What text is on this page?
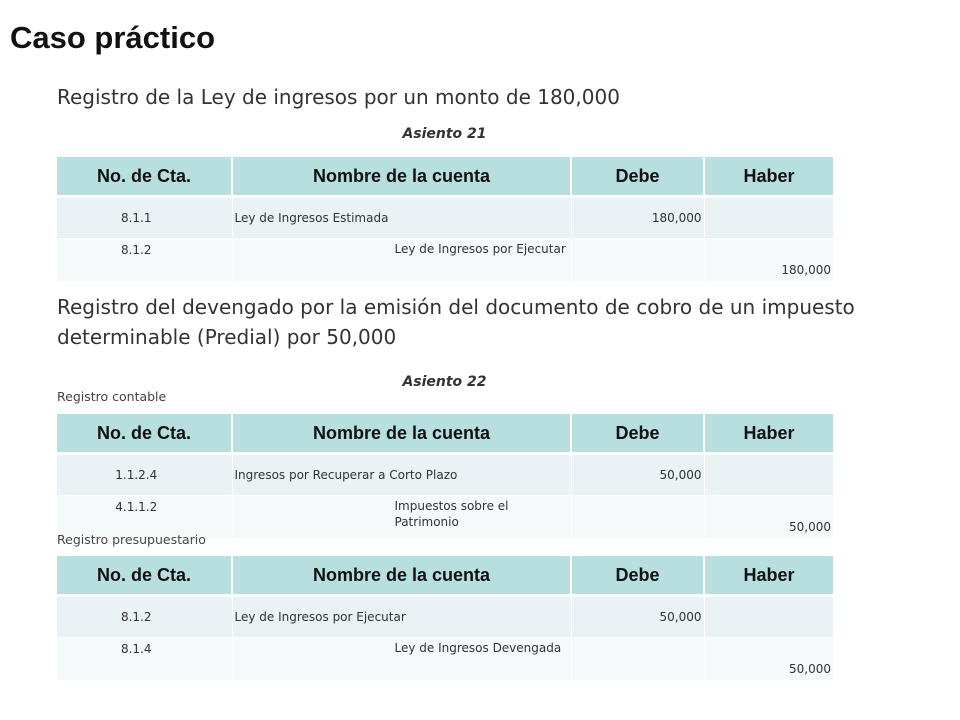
Caso práctico
Registro de la Ley de ingresos por un monto de 180,000
Asiento 21
No. de Cta.	Nombre de la cuenta	Debe	Haber
8.1.1	Ley de Ingresos Estimada	180,000	
8.1.2	Ley de Ingresos por Ejecutar		180,000
Registro del devengado por la emisión del documento de cobro de un impuesto determinable (Predial) por 50,000
Asiento 22
Registro contable
No. de Cta.	Nombre de la cuenta	Debe	Haber
1.1.2.4	Ingresos por Recuperar a Corto Plazo	50,000	
4.1.1.2	Impuestos sobre el Patrimonio		50,000
Registro presupuestario
No. de Cta.	Nombre de la cuenta	Debe	Haber
8.1.2	Ley de Ingresos por Ejecutar	50,000	
8.1.4	Ley de Ingresos Devengada		50,000
